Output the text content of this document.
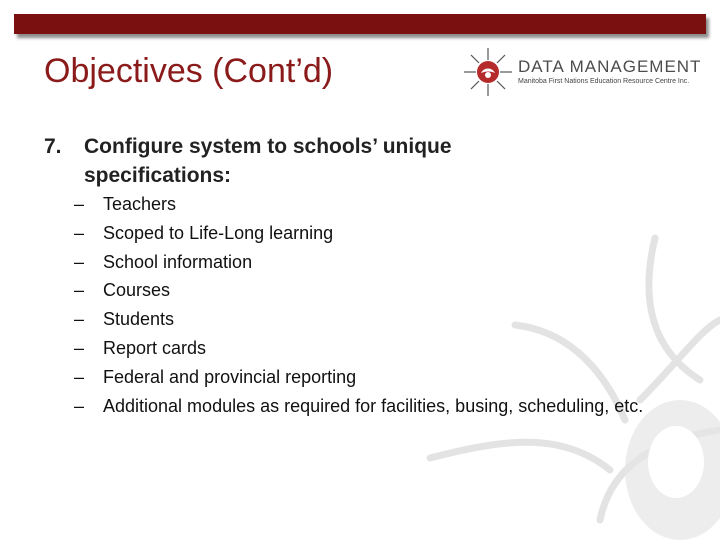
Objectives (Cont’d)	DATA MANAGEMENT

Manitoba First Nations Education Resource Centre Inc.

7. Configure system to schools’ unique specifications:
– Teachers
– Scoped to Life-Long learning
– School information
– Courses
– Students
– Report cards
– Federal and provincial reporting
– Additional modules as required for facilities, busing, scheduling, etc.
